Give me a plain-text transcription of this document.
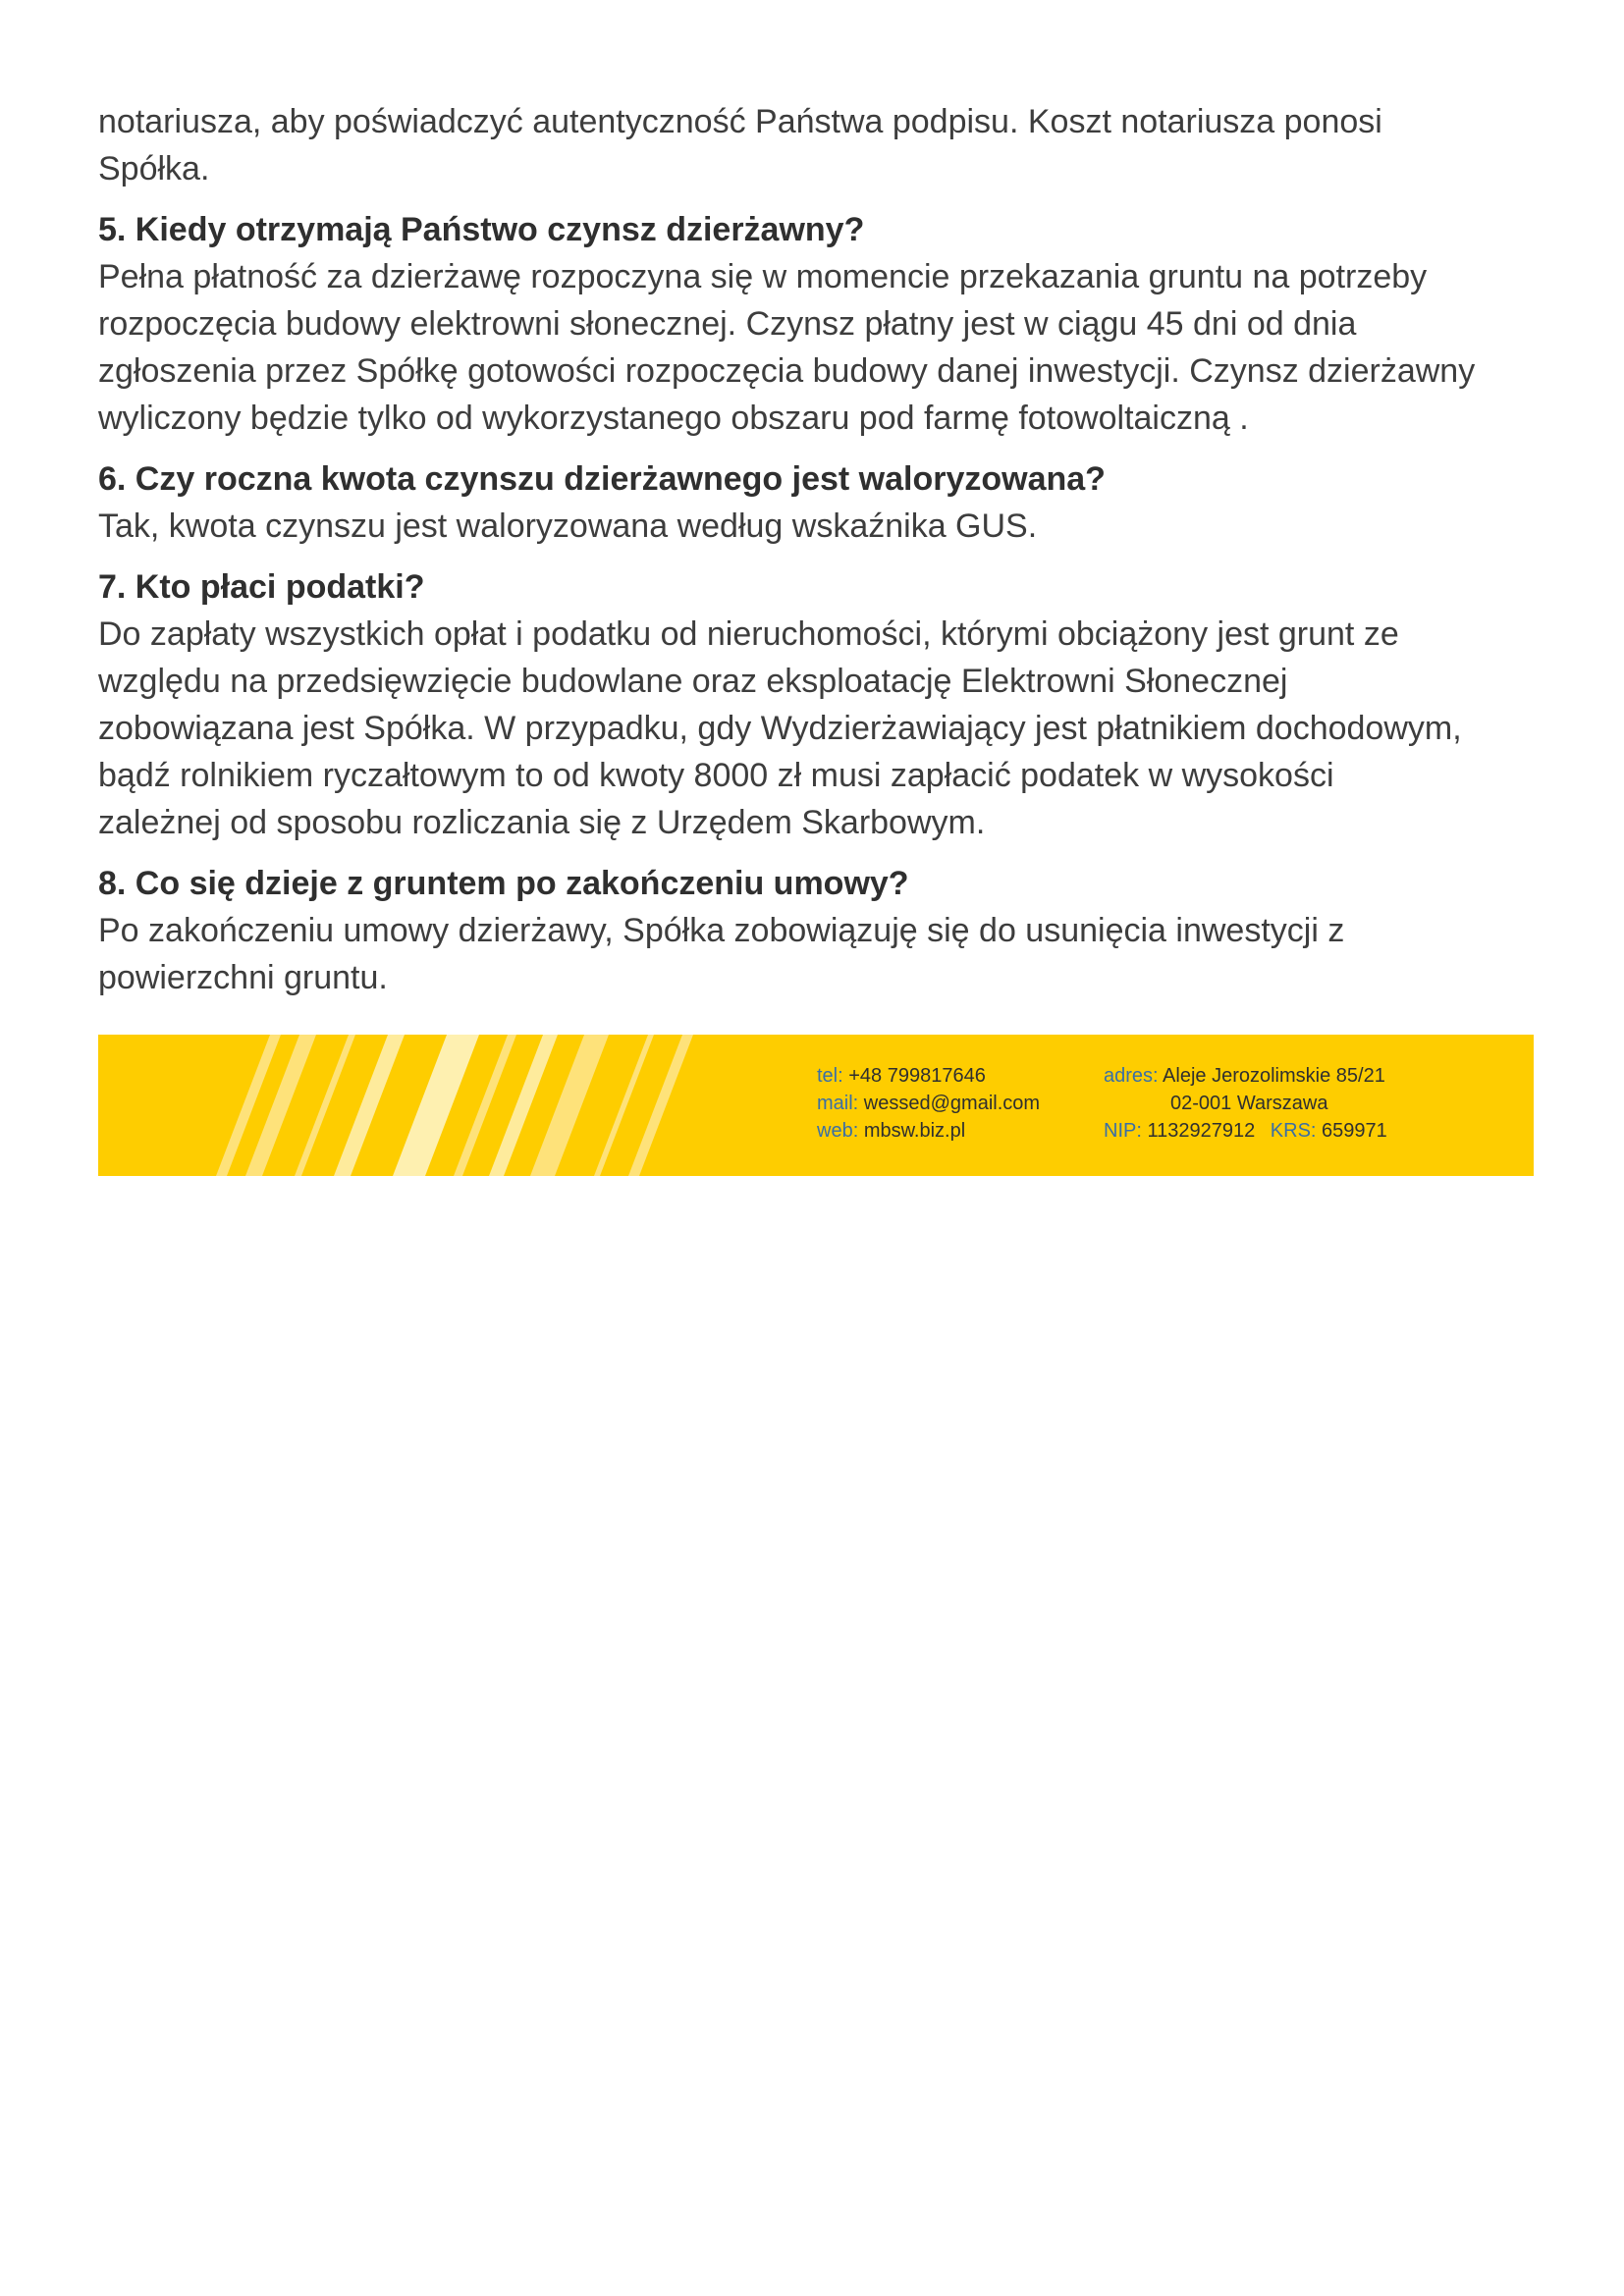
notariusza, aby poświadczyć autentyczność Państwa podpisu. Koszt notariusza ponosi
Spółka.
5. Kiedy otrzymają Państwo czynsz dzierżawny?
Pełna płatność za dzierżawę rozpoczyna się w momencie przekazania gruntu na potrzeby
rozpoczęcia budowy elektrowni słonecznej. Czynsz płatny jest w ciągu 45 dni od dnia
zgłoszenia przez Spółkę gotowości rozpoczęcia budowy danej inwestycji. Czynsz dzierżawny
wyliczony będzie tylko od wykorzystanego obszaru pod farmę fotowoltaiczną .
6. Czy roczna kwota czynszu dzierżawnego jest waloryzowana?
Tak, kwota czynszu jest waloryzowana według wskaźnika GUS.
7. Kto płaci podatki?
Do zapłaty wszystkich opłat i podatku od nieruchomości, którymi obciążony jest grunt ze
względu na przedsięwzięcie budowlane oraz eksploatację Elektrowni Słonecznej
zobowiązana jest Spółka. W przypadku, gdy Wydzierżawiający jest płatnikiem dochodowym,
bądź rolnikiem ryczałtowym to od kwoty 8000 zł musi zapłacić podatek w wysokości
zależnej od sposobu rozliczania się z Urzędem Skarbowym.
8. Co się dzieje z gruntem po zakończeniu umowy?
Po zakończeniu umowy dzierżawy, Spółka zobowiązuję się do usunięcia inwestycji z
powierzchni gruntu.
tel: +48 799817646
mail: wessed@gmail.com
web: mbsw.biz.pl
adres: Aleje Jerozolimskie 85/21
02-001 Warszawa
NIP: 1132927912 KRS: 659971
